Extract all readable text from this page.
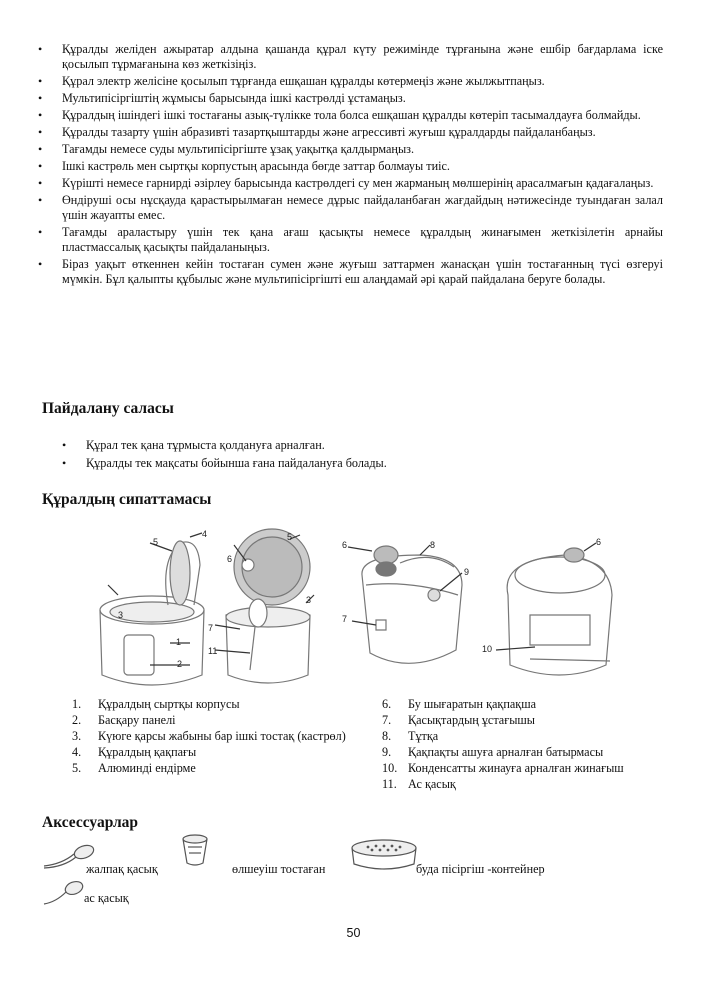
• Құралды желіден ажыратар алдына қашанда құрал күту режимінде тұрғанына және ешбір бағдарлама іске қосылып тұрмағанына көз жеткізіңіз.
• Құрал электр желісіне қосылып тұрғанда ешқашан құралды көтермеңіз және жылжытпаңыз.
• Мультипісіргіштің жұмысы барысында ішкі кастрөлді ұстамаңыз.
• Құралдың ішіндегі ішкі тостағаны азық-түлікке тола болса ешқашан құралды көтеріп тасымалдауға болмайды.
• Құралды тазарту үшін абразивті тазартқыштарды және агрессивті жуғыш құралдарды пайдаланбаңыз.
• Тағамды немесе суды мультипісіргіште ұзақ уақытқа қалдырмаңыз.
• Ішкі кастрөль мен сыртқы корпустың арасында бөгде заттар болмауы тиіс.
• Күрішті немесе гарнирді әзірлеу барысында кастрөлдегі су мен жарманың мөлшерінің арасалмағын қадағалаңыз.
• Өндіруші осы нұсқауда қарастырылмаған немесе дұрыс пайдаланбаған жағдайдың нәтижесінде туындаған залал үшін жауапты емес.
• Тағамды араластыру үшін тек қана ағаш қасықты немесе құралдың жинағымен жеткізілетін арнайы пластмассалық қасықты пайдаланыңыз.
• Біраз уақыт өткеннен кейін тостаған сумен және жуғыш заттармен жанасқан үшін тостағанның түсі өзгеруі мүмкін. Бұл қалыпты құбылыс және мультипісіргішті еш алаңдамай әрі қарай пайдалана беруге болады.
Пайдалану саласы
• Құрал тек қана тұрмыста қолдануға арналған.
• Құралды тек мақсаты бойынша ғана пайдалануға болады.
Құралдың сипаттамасы
3
1
2
5
4
6
5
3
7
11
6	8
9
7
6
10
1. Құралдың сыртқы корпусы
2. Басқару панелі
3. Күюге қарсы жабыны бар ішкі тостақ (кастрөл)
4. Құралдың қақпағы
5. Алюминді ендірме
6. Бу шығаратын қақпақша
7. Қасықтардың ұстағышы
8. Тұтқа
9. Қақпақты ашуға арналған батырмасы
10. Конденсатты жинауға арналған жинағыш
11. Ас қасық
Аксессуарлар
жалпақ қасық	өлшеуіш тостаған	буда пісіргіш -контейнер
ас қасық
50
